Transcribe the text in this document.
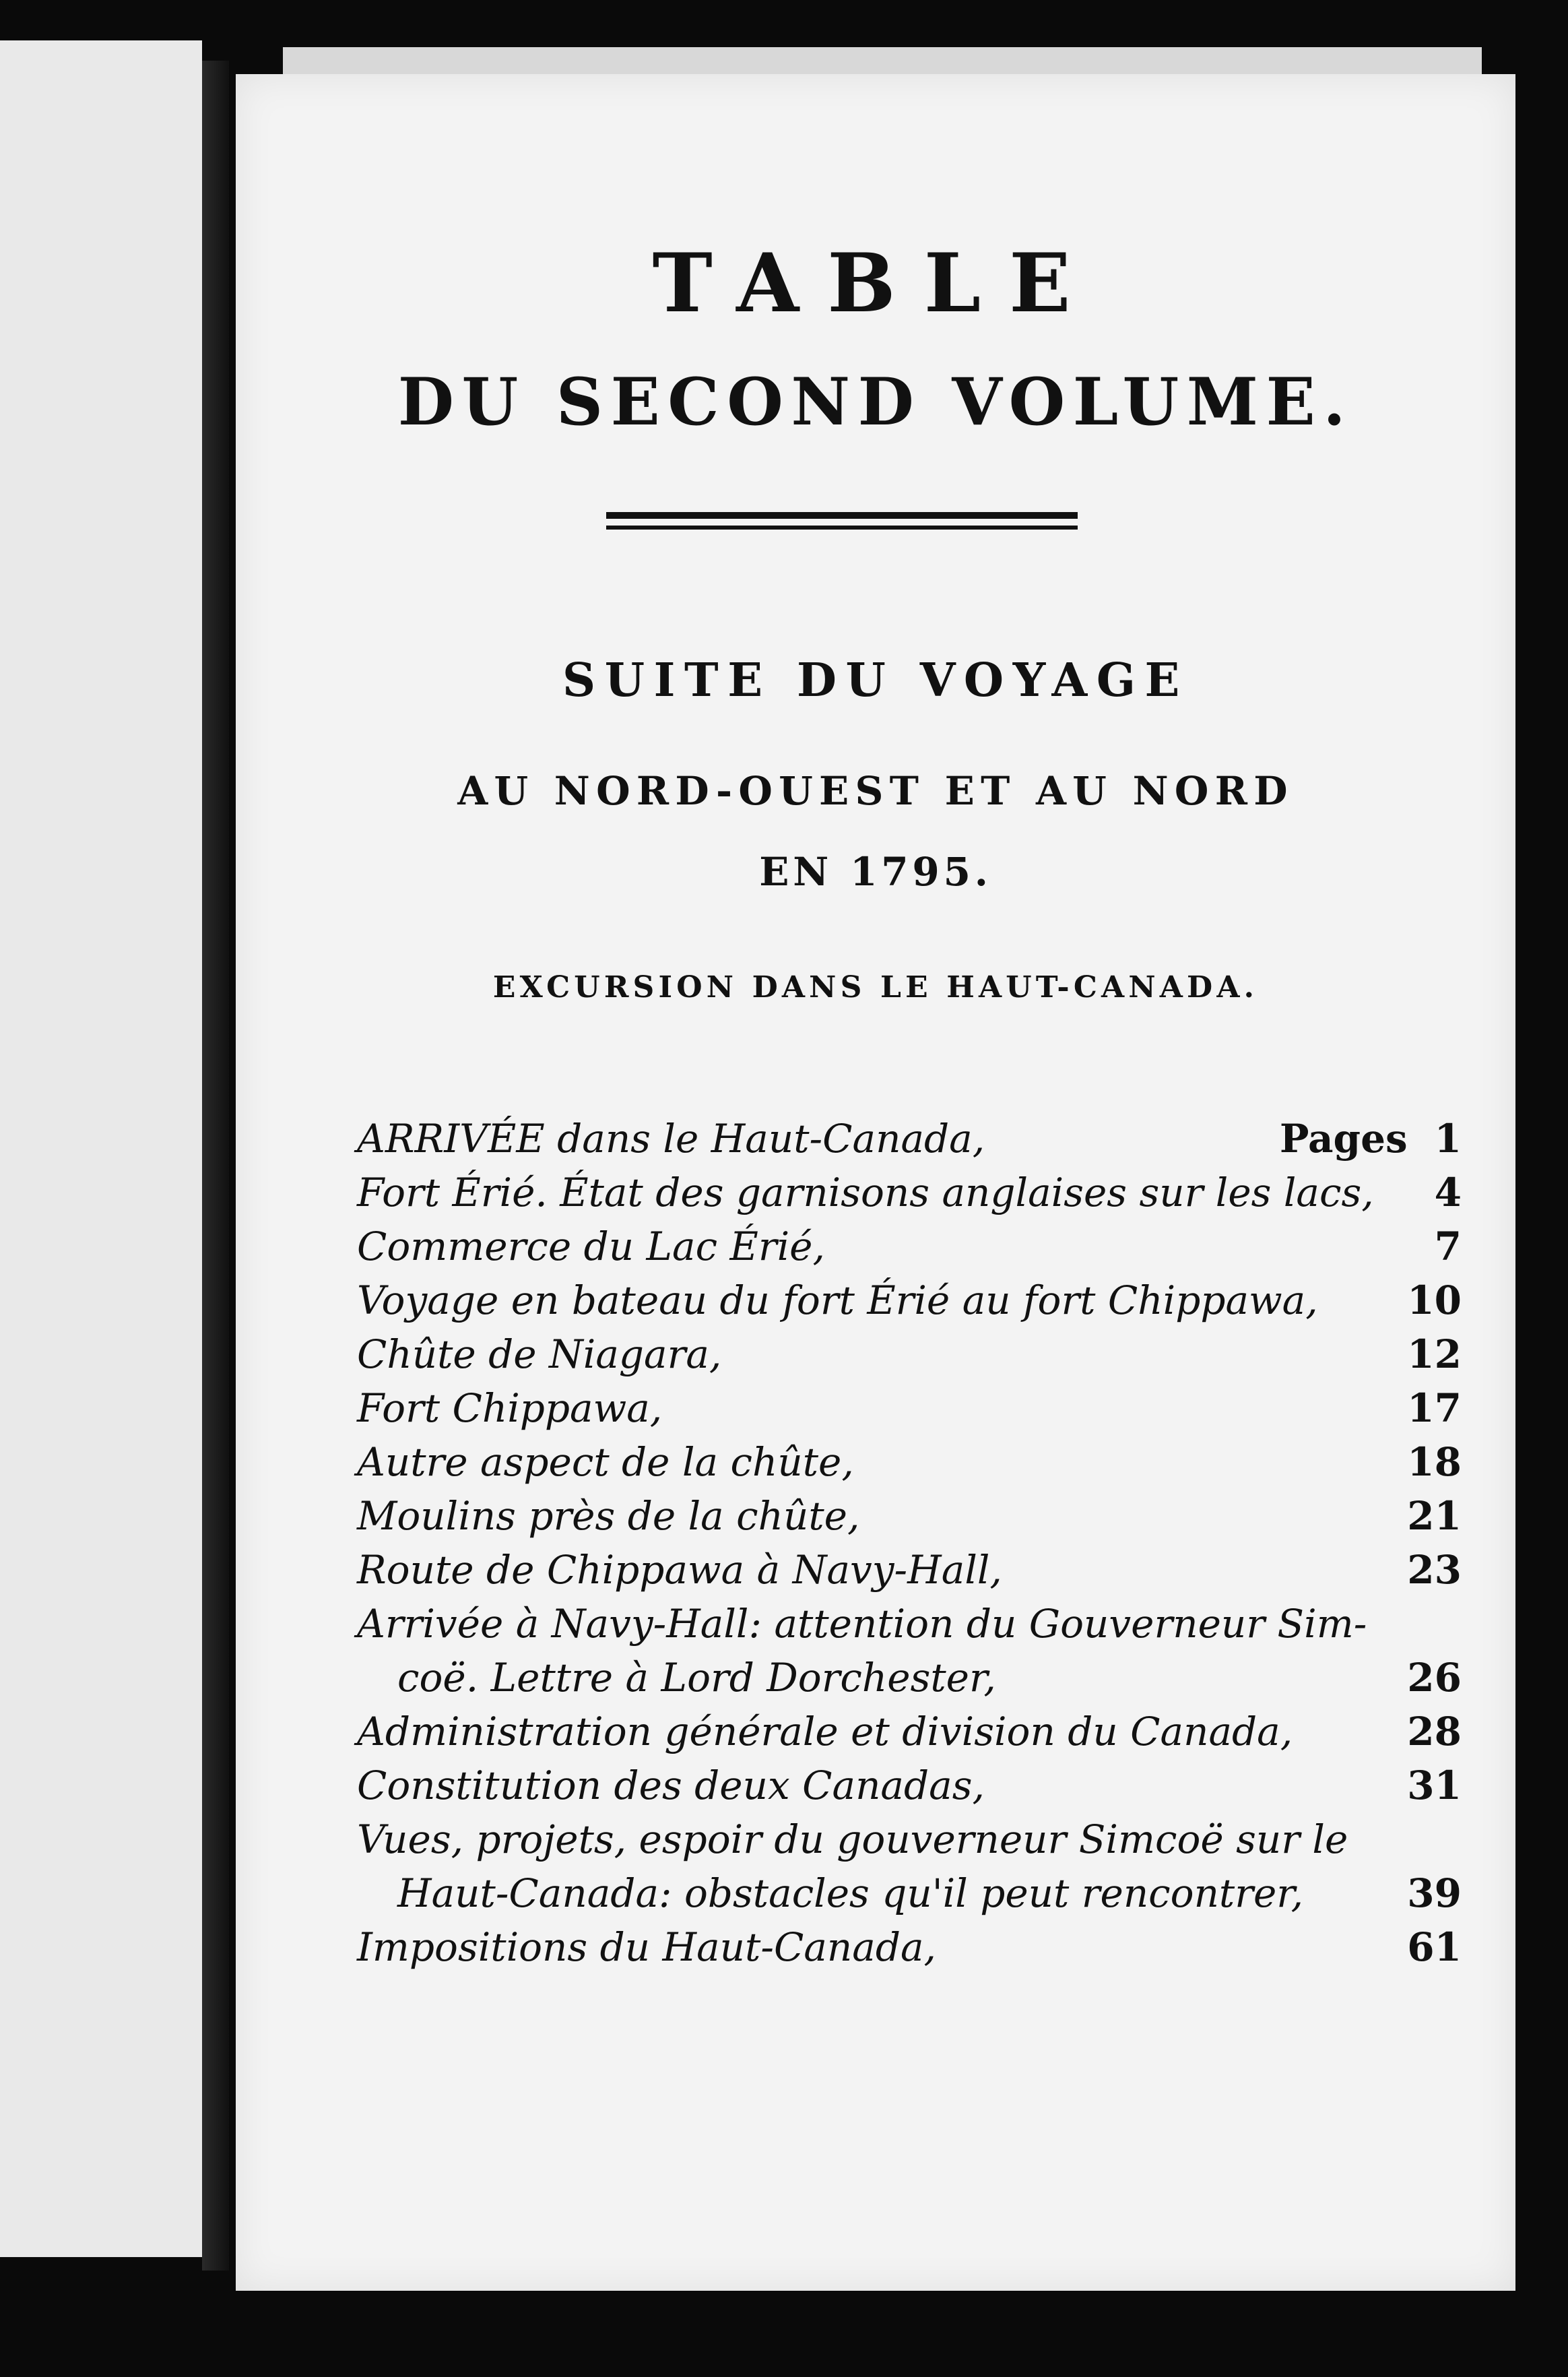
TABLE
DU SECOND VOLUME.
SUITE DU VOYAGE
AU NORD-OUEST ET AU NORD
EN 1795.
EXCURSION DANS LE HAUT-CANADA.
ARRIVÉE dans le Haut-Canada,	Pages 1
Fort Érié. État des garnisons anglaises sur les lacs,	4
Commerce du Lac Érié,	7
Voyage en bateau du fort Érié au fort Chippawa,	10
Chûte de Niagara,	12
Fort Chippawa,	17
Autre aspect de la chûte,	18
Moulins près de la chûte,	21
Route de Chippawa à Navy-Hall,	23
Arrivée à Navy-Hall: attention du Gouverneur Sim-
coë. Lettre à Lord Dorchester,	26
Administration générale et division du Canada,	28
Constitution des deux Canadas,	31
Vues, projets, espoir du gouverneur Simcoë sur le
Haut-Canada: obstacles qu'il peut rencontrer,	39
Impositions du Haut-Canada,	61
